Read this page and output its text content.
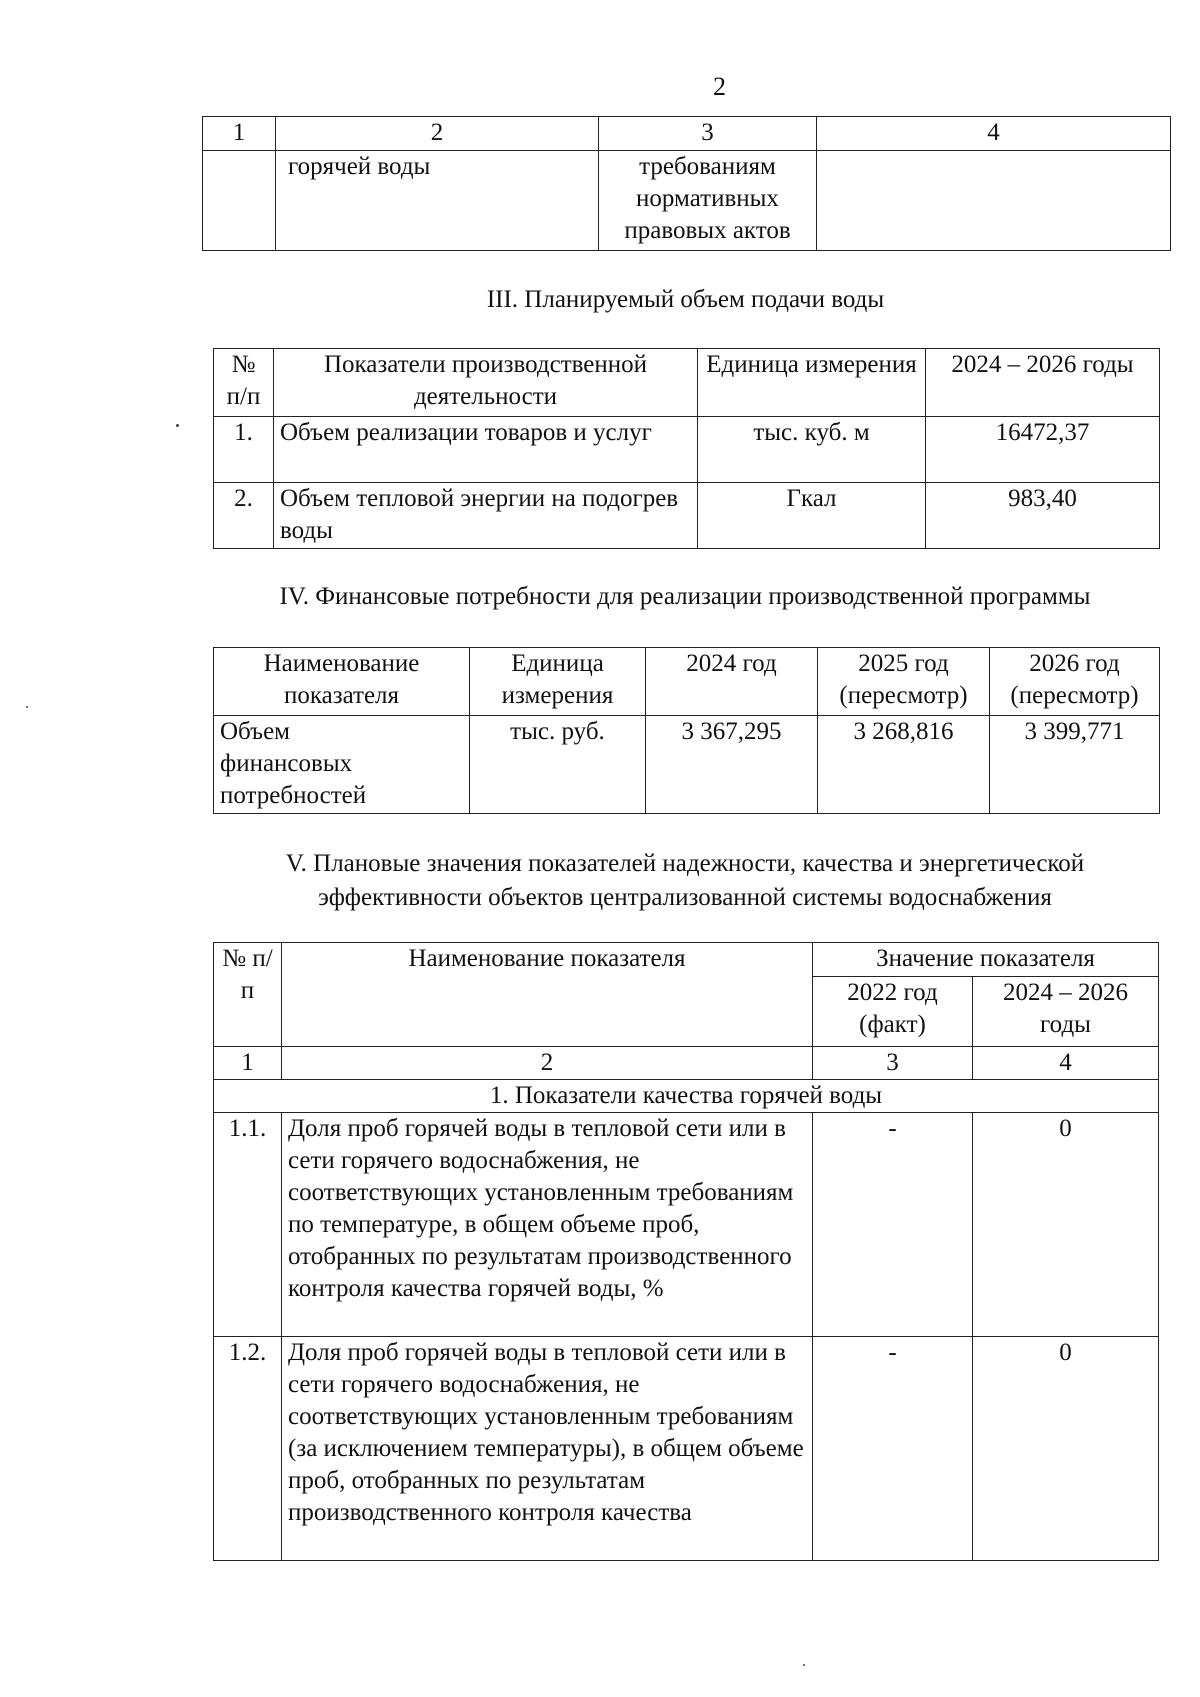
2
1	2	3	4
	горячей воды	требованиям нормативных правовых актов	
III. Планируемый объем подачи воды
№ п/п	Показатели производственной деятельности	Единица измерения	2024 – 2026 годы
1.	Объем реализации товаров и услуг	тыс. куб. м	16472,37
2.	Объем тепловой энергии на подогрев воды	Гкал	983,40
IV. Финансовые потребности для реализации производственной программы
Наименование показателя	Единица измерения	2024 год	2025 год (пересмотр)	2026 год (пересмотр)
Объем финансовых потребностей	тыс. руб.	3 367,295	3 268,816	3 399,771
V. Плановые значения показателей надежности, качества и энергетической
эффективности объектов централизованной системы водоснабжения
№ п/п	Наименование показателя	Значение показателя	
		2022 год (факт)	2024 – 2026 годы
1	2	3	4
1. Показатели качества горячей воды			
1.1.	Доля проб горячей воды в тепловой сети или в сети горячего водоснабжения, не соответствующих установленным требованиям по температуре, в общем объеме проб, отобранных по результатам производственного контроля качества горячей воды, %	-	0
1.2.	Доля проб горячей воды в тепловой сети или в сети горячего водоснабжения, не соответствующих установленным требованиям (за исключением температуры), в общем объеме проб, отобранных по результатам производственного контроля качества	-	0
